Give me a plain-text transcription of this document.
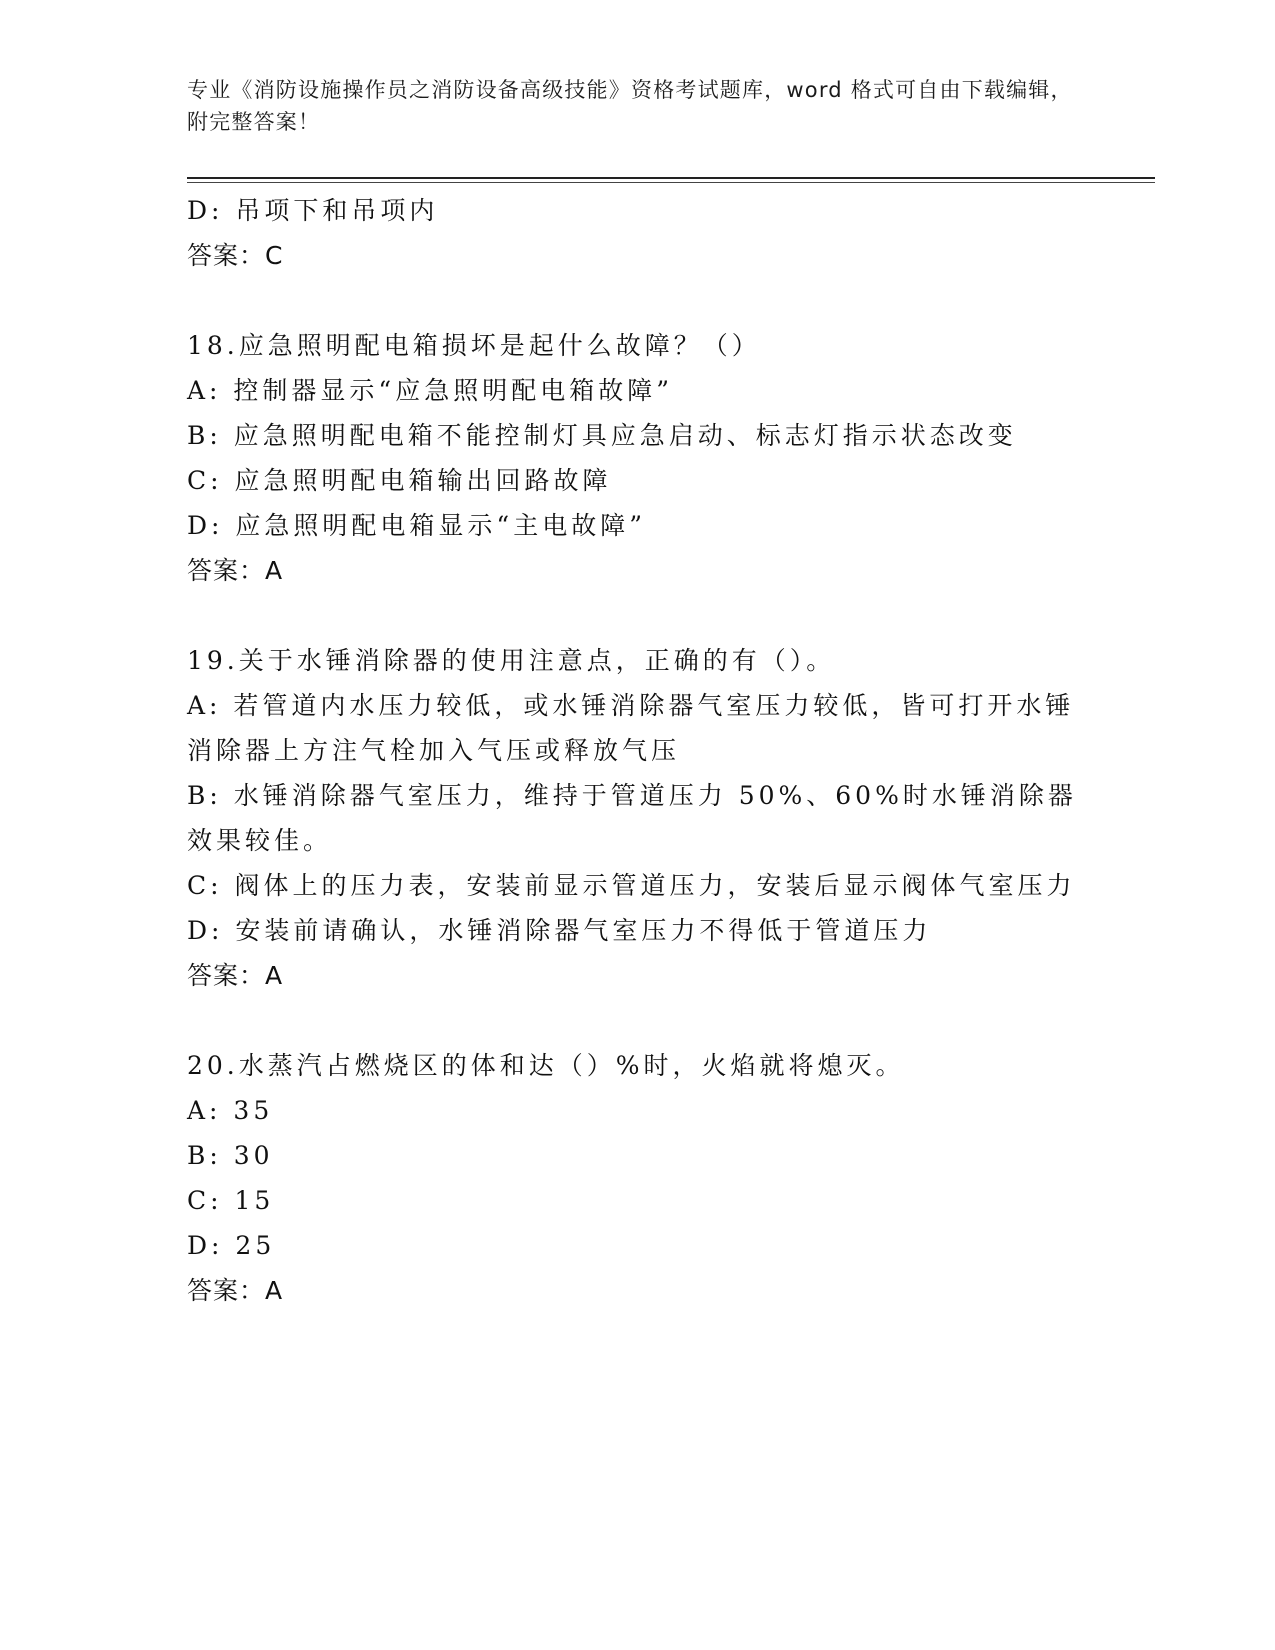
专业《消防设施操作员之消防设备高级技能》资格考试题库，word 格式可自由下载编辑，附完整答案！
D: 吊项下和吊项内
答案：C
18.应急照明配电箱损坏是起什么故障？（）
A: 控制器显示“应急照明配电箱故障”
B: 应急照明配电箱不能控制灯具应急启动、标志灯指示状态改变
C: 应急照明配电箱输出回路故障
D: 应急照明配电箱显示“主电故障”
答案：A
19.关于水锤消除器的使用注意点，正确的有（）。
A: 若管道内水压力较低，或水锤消除器气室压力较低，皆可打开水锤消除器上方注气栓加入气压或释放气压
B: 水锤消除器气室压力，维持于管道压力 50%、60%时水锤消除器效果较佳。
C: 阀体上的压力表，安装前显示管道压力，安装后显示阀体气室压力
D: 安装前请确认，水锤消除器气室压力不得低于管道压力
答案：A
20.水蒸汽占燃烧区的体和达（）%时，火焰就将熄灭。
A: 35
B: 30
C: 15
D: 25
答案：A
